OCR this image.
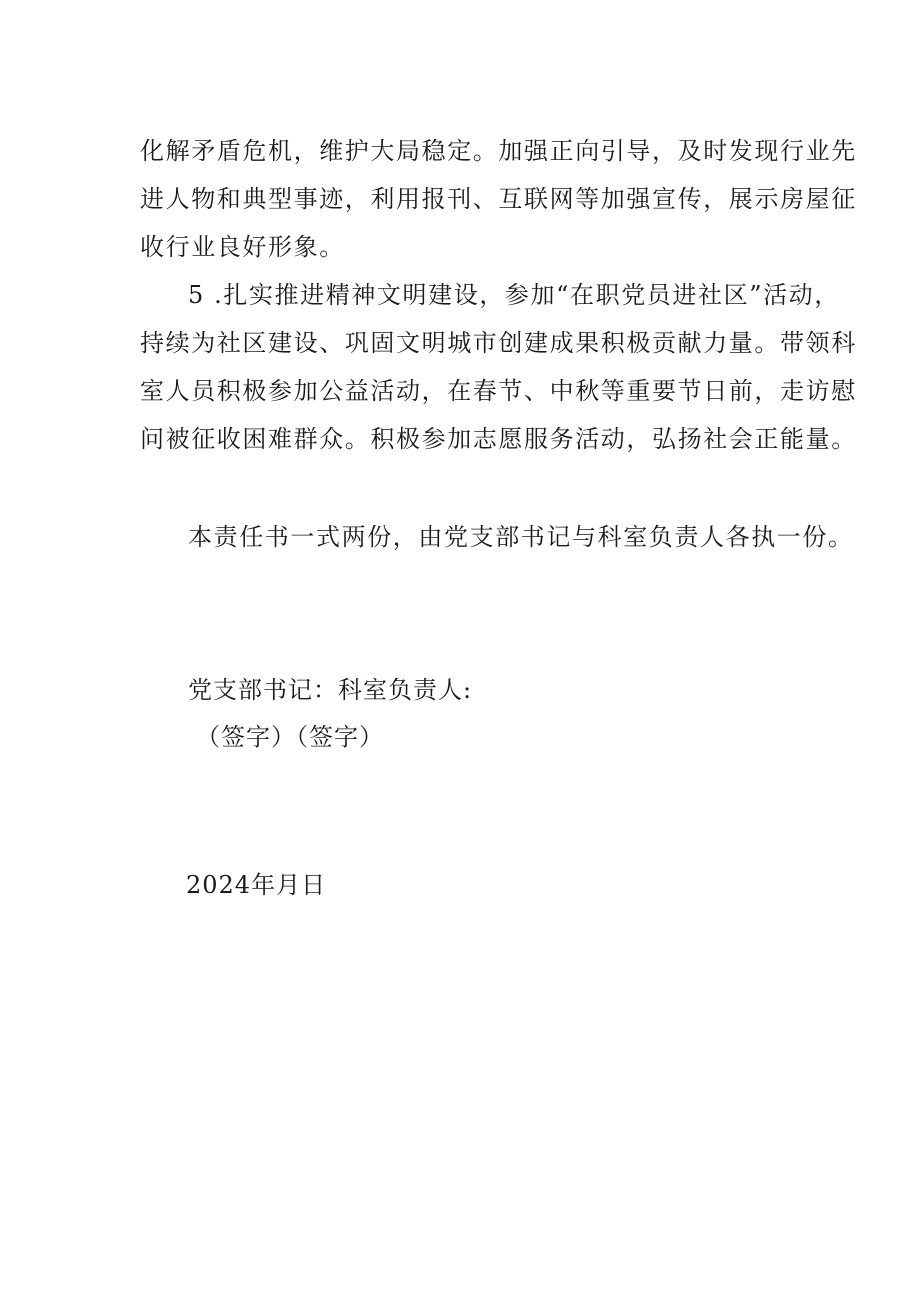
化解矛盾危机，维护大局稳定。加强正向引导，及时发现行业先
进人物和典型事迹，利用报刊、互联网等加强宣传，展示房屋征
收行业良好形象。
5 .扎实推进精神文明建设，参加“在职党员进社区”活动，
持续为社区建设、巩固文明城市创建成果积极贡献力量。带领科
室人员积极参加公益活动，在春节、中秋等重要节日前，走访慰
问被征收困难群众。积极参加志愿服务活动，弘扬社会正能量。
本责任书一式两份，由党支部书记与科室负责人各执一份。
党支部书记：科室负责人:
（签字）（签字）
2024年月日
